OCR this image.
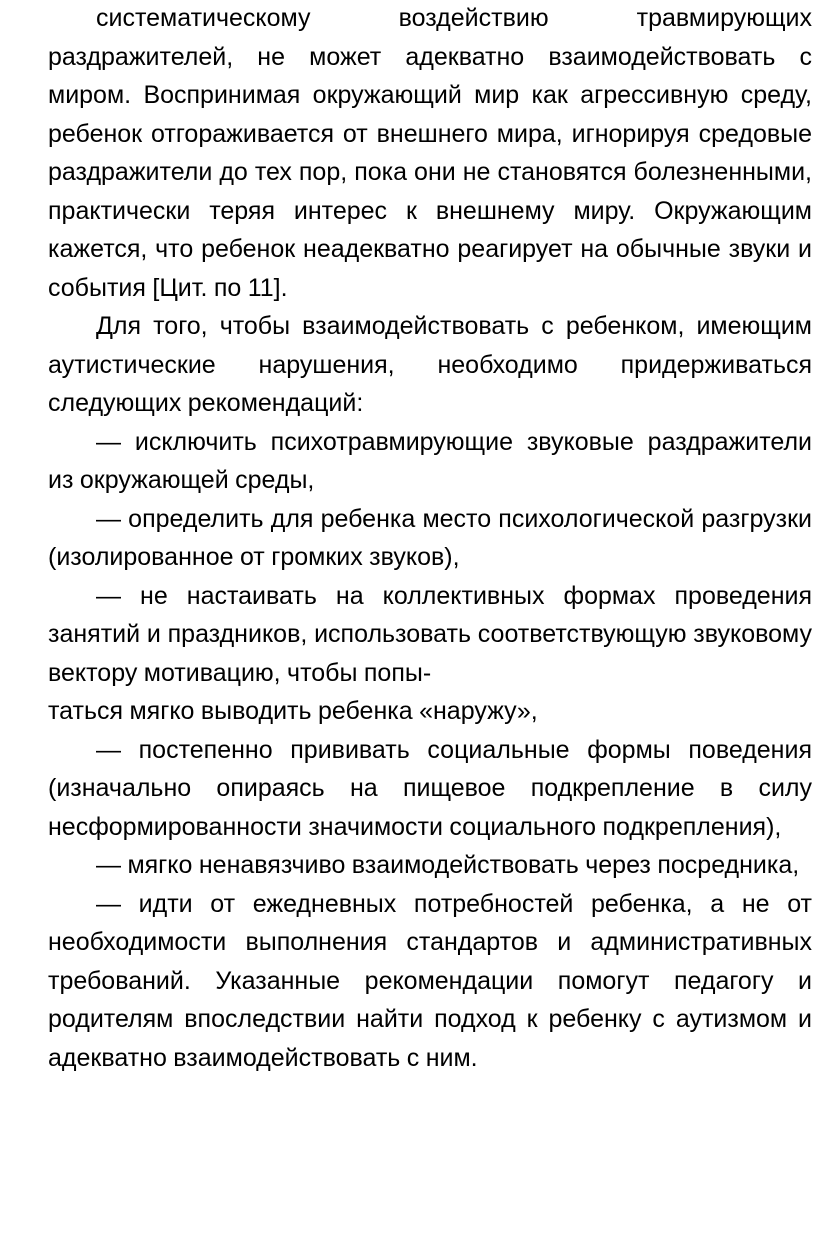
систематическому воздействию травмирующих раздражителей, не может адекватно взаимодействовать с миром. Воспринимая окружающий мир как агрессивную среду, ребенок отгораживается от внешнего мира, игнорируя средовые раздражители до тех пор, пока они не становятся болезненными, практически теряя интерес к внешнему миру. Окружающим кажется, что ребенок неадекватно реагирует на обычные звуки и события [Цит. по 11].

Для того, чтобы взаимодействовать с ребенком, имеющим аутистические нарушения, необходимо придерживаться следующих рекомендаций:

— исключить психотравмирующие звуковые раздражители из окружающей среды,

— определить для ребенка место психологической разгрузки (изолированное от громких звуков),

— не настаивать на коллективных формах проведения занятий и праздников, использовать соответствующую звуковому вектору мотивацию, чтобы попы-

таться мягко выводить ребенка «наружу»,

— постепенно прививать социальные формы поведения (изначально опираясь на пищевое подкрепление в силу несформированности значимости социального подкрепления),

— мягко ненавязчиво взаимодействовать через посредника,

— идти от ежедневных потребностей ребенка, а не от необходимости выполнения стандартов и административных требований. Указанные рекомендации помогут педагогу и родителям впоследствии найти подход к ребенку с аутизмом и адекватно взаимодействовать с ним.
